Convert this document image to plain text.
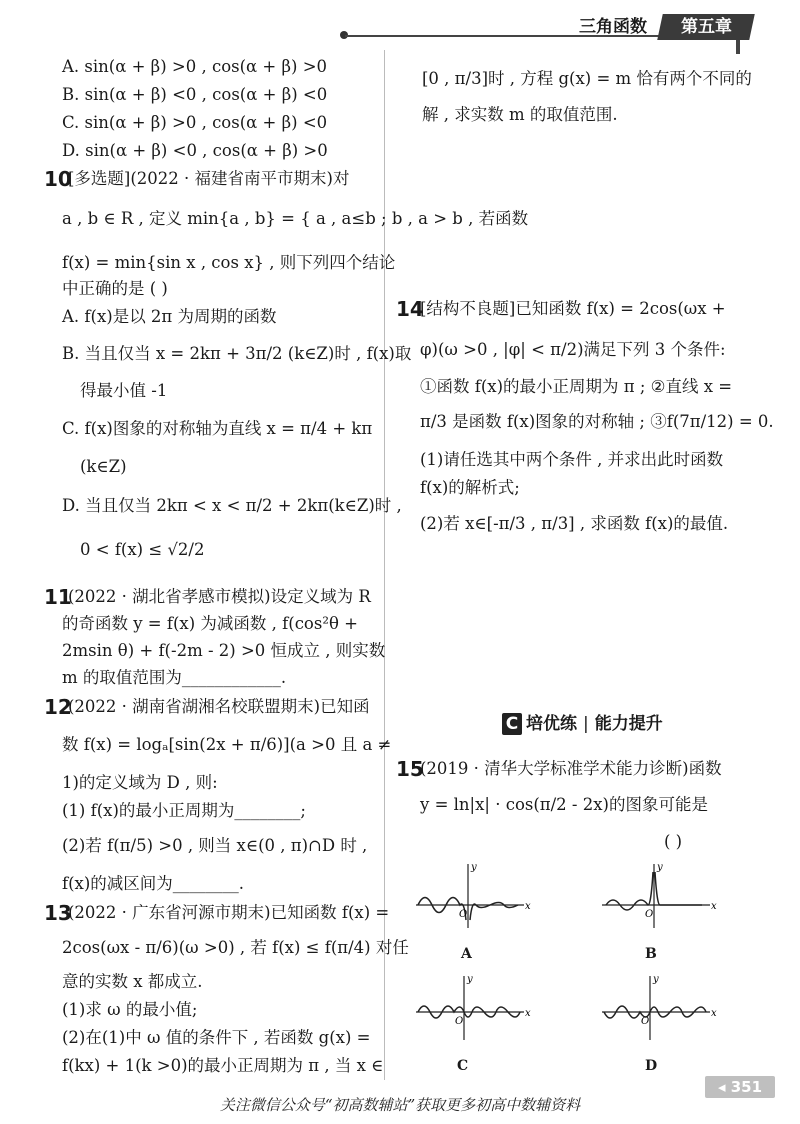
三角函数	第五章
A. sin(α + β) >0 , cos(α + β) >0
B. sin(α + β) <0 , cos(α + β) <0
C. sin(α + β) >0 , cos(α + β) <0
D. sin(α + β) <0 , cos(α + β) >0
10
[多选题](2022 · 福建省南平市期末)对
a , b ∈ R , 定义 min{a , b} = { a , a≤b ; b , a > b , 若函数
f(x) = min{sin x , cos x} , 则下列四个结论
中正确的是 ( )
A. f(x)是以 2π 为周期的函数
B. 当且仅当 x = 2kπ + 3π/2 (k∈Z)时 , f(x)取
得最小值 -1
C. f(x)图象的对称轴为直线 x = π/4 + kπ
(k∈Z)
D. 当且仅当 2kπ < x < π/2 + 2kπ(k∈Z)时 ,
0 < f(x) ≤ √2/2
11
(2022 · 湖北省孝感市模拟)设定义域为 R
的奇函数 y = f(x) 为减函数 , f(cos²θ +
2msin θ) + f(-2m - 2) >0 恒成立 , 则实数
m 的取值范围为____________.
12
(2022 · 湖南省湖湘名校联盟期末)已知函
数 f(x) = logₐ[sin(2x + π/6)](a >0 且 a ≠
1)的定义域为 D , 则:
(1) f(x)的最小正周期为________;
(2)若 f(π/5) >0 , 则当 x∈(0 , π)∩D 时 ,
f(x)的减区间为________.
13
(2022 · 广东省河源市期末)已知函数 f(x) =
2cos(ωx - π/6)(ω >0) , 若 f(x) ≤ f(π/4) 对任
意的实数 x 都成立.
(1)求 ω 的最小值;
(2)在(1)中 ω 值的条件下 , 若函数 g(x) =
f(kx) + 1(k >0)的最小正周期为 π , 当 x ∈
[0 , π/3]时 , 方程 g(x) = m 恰有两个不同的
解 , 求实数 m 的取值范围.
14
[结构不良题]已知函数 f(x) = 2cos(ωx +
φ)(ω >0 , |φ| < π/2)满足下列 3 个条件:
①函数 f(x)的最小正周期为 π ; ②直线 x =
π/3 是函数 f(x)图象的对称轴 ; ③f(7π/12) = 0.
(1)请任选其中两个条件 , 并求出此时函数
f(x)的解析式;
(2)若 x∈[-π/3 , π/3] , 求函数 f(x)的最值.
C 培优练 | 能力提升
15
(2019 · 清华大学标准学术能力诊断)函数
y = ln|x| · cos(π/2 - 2x)的图象可能是
( )
y
x
O
A
y
x
O
B
y
x
O
C
y
x
O
D
◂ 351
关注微信公众号“初高数辅站”获取更多初高中数辅资料
